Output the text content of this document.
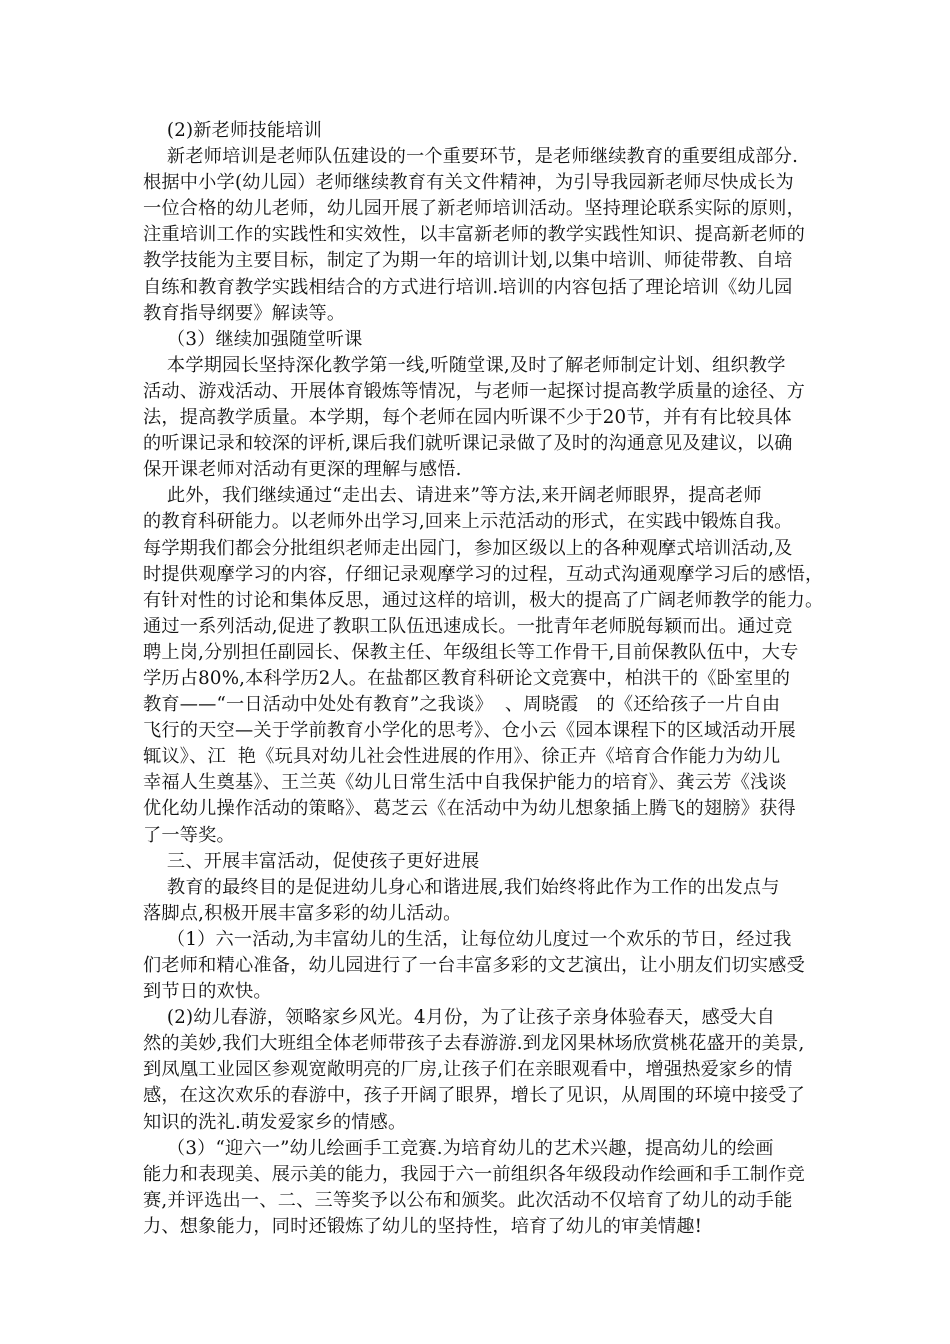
(2)新老师技能培训
新老师培训是老师队伍建设的一个重要环节，是老师继续教育的重要组成部分.
根据中小学(幼儿园）老师继续教育有关文件精神，为引导我园新老师尽快成长为
一位合格的幼儿老师，幼儿园开展了新老师培训活动。坚持理论联系实际的原则，
注重培训工作的实践性和实效性，以丰富新老师的教学实践性知识、提高新老师的
教学技能为主要目标，制定了为期一年的培训计划,以集中培训、师徒带教、自培
自练和教育教学实践相结合的方式进行培训.培训的内容包括了理论培训《幼儿园
教育指导纲要》解读等。
（3）继续加强随堂听课
本学期园长坚持深化教学第一线,听随堂课,及时了解老师制定计划、组织教学
活动、游戏活动、开展体育锻炼等情况，与老师一起探讨提高教学质量的途径、方
法，提高教学质量。本学期，每个老师在园内听课不少于20节，并有有比较具体
的听课记录和较深的评析,课后我们就听课记录做了及时的沟通意见及建议，以确
保开课老师对活动有更深的理解与感悟.
此外，我们继续通过“走出去、请进来”等方法,来开阔老师眼界，提高老师
的教育科研能力。以老师外出学习,回来上示范活动的形式，在实践中锻炼自我。
每学期我们都会分批组织老师走出园门，参加区级以上的各种观摩式培训活动,及
时提供观摩学习的内容，仔细记录观摩学习的过程，互动式沟通观摩学习后的感悟，
有针对性的讨论和集体反思，通过这样的培训，极大的提高了广阔老师教学的能力。
通过一系列活动,促进了教职工队伍迅速成长。一批青年老师脱每颖而出。通过竞
聘上岗,分别担任副园长、保教主任、年级组长等工作骨干,目前保教队伍中，大专
学历占80%,本科学历2人。在盐都区教育科研论文竞赛中，柏洪干的《卧室里的
教育——“一日活动中处处有教育”之我谈》  、周晓霞   的《还给孩子一片自由
飞行的天空—关于学前教育小学化的思考》、仓小云《园本课程下的区域活动开展
辄议》、江  艳《玩具对幼儿社会性进展的作用》、徐正卉《培育合作能力为幼儿
幸福人生奠基》、王兰英《幼儿日常生活中自我保护能力的培育》、龚云芳《浅谈
优化幼儿操作活动的策略》、葛芝云《在活动中为幼儿想象插上腾飞的翅膀》获得
了一等奖。
三、开展丰富活动，促使孩子更好进展
教育的最终目的是促进幼儿身心和谐进展,我们始终将此作为工作的出发点与
落脚点,积极开展丰富多彩的幼儿活动。
（1）六一活动,为丰富幼儿的生活，让每位幼儿度过一个欢乐的节日，经过我
们老师和精心准备，幼儿园进行了一台丰富多彩的文艺演出，让小朋友们切实感受
到节日的欢快。
(2)幼儿春游，领略家乡风光。4月份，为了让孩子亲身体验春天，感受大自
然的美妙,我们大班组全体老师带孩子去春游游.到龙冈果林场欣赏桃花盛开的美景,
到凤凰工业园区参观宽敞明亮的厂房,让孩子们在亲眼观看中，增强热爱家乡的情
感，在这次欢乐的春游中，孩子开阔了眼界，增长了见识，从周围的环境中接受了
知识的洗礼.萌发爱家乡的情感。
（3）“迎六一”幼儿绘画手工竞赛.为培育幼儿的艺术兴趣，提高幼儿的绘画
能力和表现美、展示美的能力，我园于六一前组织各年级段动作绘画和手工制作竞
赛,并评选出一、二、三等奖予以公布和颁奖。此次活动不仅培育了幼儿的动手能
力、想象能力，同时还锻炼了幼儿的坚持性，培育了幼儿的审美情趣!
